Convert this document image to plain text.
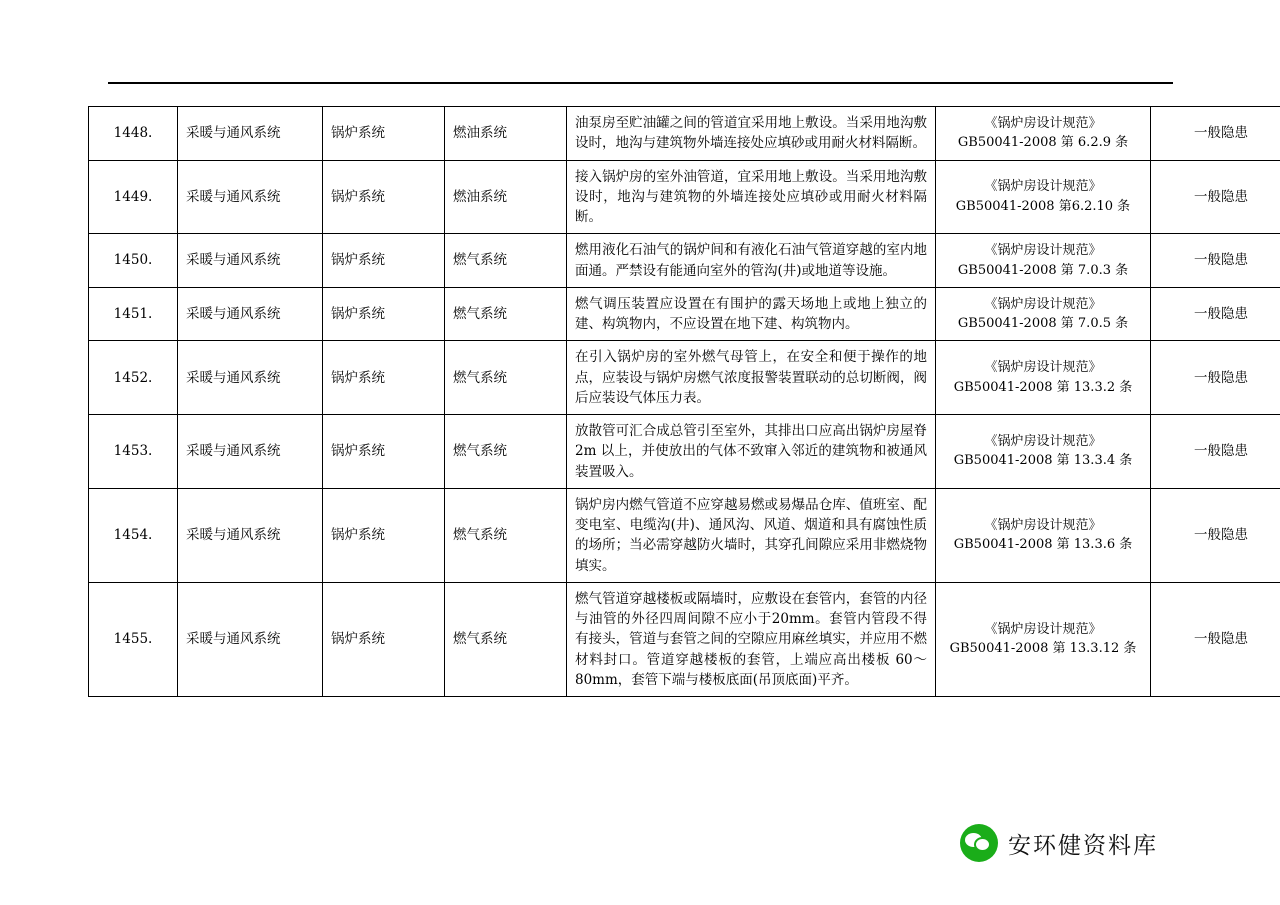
1448.	采暖与通风系统	锅炉系统	燃油系统	油泵房至贮油罐之间的管道宜采用地上敷设。当采用地沟敷设时，地沟与建筑物外墙连接处应填砂或用耐火材料隔断。	《锅炉房设计规范》
GB50041-2008 第 6.2.9 条	一般隐患
1449.	采暖与通风系统	锅炉系统	燃油系统	接入锅炉房的室外油管道，宜采用地上敷设。当采用地沟敷设时，地沟与建筑物的外墙连接处应填砂或用耐火材料隔断。	《锅炉房设计规范》
GB50041-2008 第6.2.10 条	一般隐患
1450.	采暖与通风系统	锅炉系统	燃气系统	燃用液化石油气的锅炉间和有液化石油气管道穿越的室内地面通。严禁设有能通向室外的管沟(井)或地道等设施。	《锅炉房设计规范》
GB50041-2008 第 7.0.3 条	一般隐患
1451.	采暖与通风系统	锅炉系统	燃气系统	燃气调压装置应设置在有围护的露天场地上或地上独立的建、构筑物内，不应设置在地下建、构筑物内。	《锅炉房设计规范》
GB50041-2008 第 7.0.5 条	一般隐患
1452.	采暖与通风系统	锅炉系统	燃气系统	在引入锅炉房的室外燃气母管上，在安全和便于操作的地点，应装设与锅炉房燃气浓度报警装置联动的总切断阀，阀后应装设气体压力表。	《锅炉房设计规范》
GB50041-2008 第 13.3.2 条	一般隐患
1453.	采暖与通风系统	锅炉系统	燃气系统	放散管可汇合成总管引至室外，其排出口应高出锅炉房屋脊 2m 以上，并使放出的气体不致窜入邻近的建筑物和被通风装置吸入。	《锅炉房设计规范》
GB50041-2008 第 13.3.4 条	一般隐患
1454.	采暖与通风系统	锅炉系统	燃气系统	锅炉房内燃气管道不应穿越易燃或易爆品仓库、值班室、配变电室、电缆沟(井)、通风沟、风道、烟道和具有腐蚀性质的场所；当必需穿越防火墙时，其穿孔间隙应采用非燃烧物填实。	《锅炉房设计规范》
GB50041-2008 第 13.3.6 条	一般隐患
1455.	采暖与通风系统	锅炉系统	燃气系统	燃气管道穿越楼板或隔墙时，应敷设在套管内，套管的内径与油管的外径四周间隙不应小于20mm。套管内管段不得有接头，管道与套管之间的空隙应用麻丝填实，并应用不燃材料封口。管道穿越楼板的套管，上端应高出楼板 60～80mm，套管下端与楼板底面(吊顶底面)平齐。	《锅炉房设计规范》
GB50041-2008 第 13.3.12 条	一般隐患
安环健资料库
